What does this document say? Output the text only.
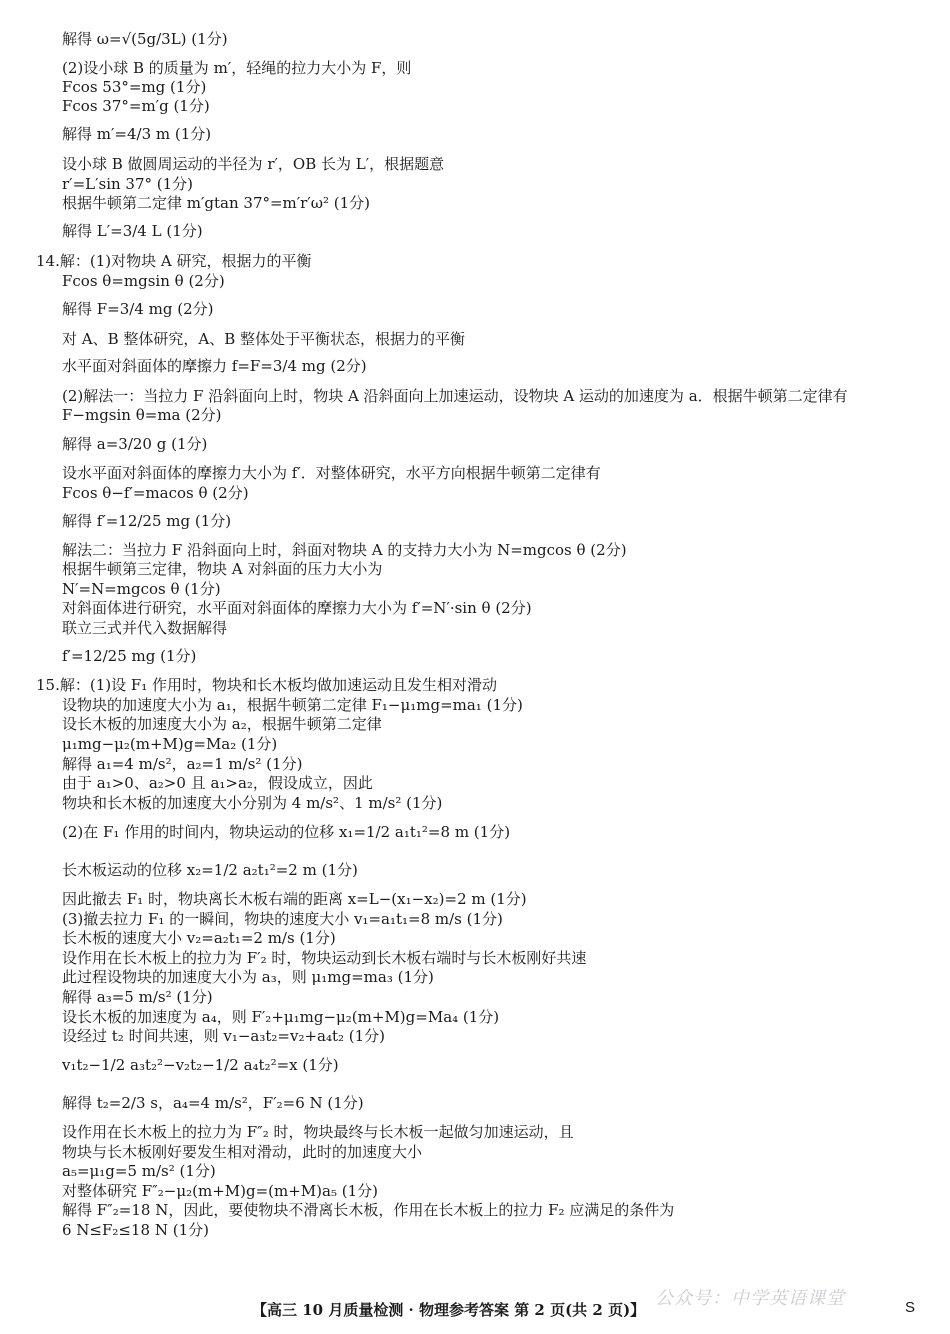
解得 ω=√(5g/3L) (1分)
(2)设小球 B 的质量为 m′，轻绳的拉力大小为 F，则
Fcos 53°=mg (1分)
Fcos 37°=m′g (1分)
解得 m′=4/3 m (1分)
设小球 B 做圆周运动的半径为 r′，OB 长为 L′，根据题意
r′=L′sin 37° (1分)
根据牛顿第二定律 m′gtan 37°=m′r′ω² (1分)
解得 L′=3/4 L (1分)
14.解：(1)对物块 A 研究，根据力的平衡
Fcos θ=mgsin θ (2分)
解得 F=3/4 mg (2分)
对 A、B 整体研究，A、B 整体处于平衡状态，根据力的平衡
水平面对斜面体的摩擦力 f=F=3/4 mg (2分)
(2)解法一：当拉力 F 沿斜面向上时，物块 A 沿斜面向上加速运动，设物块 A 运动的加速度为 a．根据牛顿第二定律有
F−mgsin θ=ma (2分)
解得 a=3/20 g (1分)
设水平面对斜面体的摩擦力大小为 f′．对整体研究，水平方向根据牛顿第二定律有
Fcos θ−f′=macos θ (2分)
解得 f′=12/25 mg (1分)
解法二：当拉力 F 沿斜面向上时，斜面对物块 A 的支持力大小为 N=mgcos θ (2分)
根据牛顿第三定律，物块 A 对斜面的压力大小为
N′=N=mgcos θ (1分)
对斜面体进行研究，水平面对斜面体的摩擦力大小为 f′=N′·sin θ (2分)
联立三式并代入数据解得
f′=12/25 mg (1分)
15.解：(1)设 F₁ 作用时，物块和长木板均做加速运动且发生相对滑动
设物块的加速度大小为 a₁，根据牛顿第二定律 F₁−μ₁mg=ma₁ (1分)
设长木板的加速度大小为 a₂，根据牛顿第二定律
μ₁mg−μ₂(m+M)g=Ma₂ (1分)
解得 a₁=4 m/s²，a₂=1 m/s² (1分)
由于 a₁>0、a₂>0 且 a₁>a₂，假设成立，因此
物块和长木板的加速度大小分别为 4 m/s²、1 m/s² (1分)
(2)在 F₁ 作用的时间内，物块运动的位移 x₁=1/2 a₁t₁²=8 m (1分)
长木板运动的位移 x₂=1/2 a₂t₁²=2 m (1分)
因此撤去 F₁ 时，物块离长木板右端的距离 x=L−(x₁−x₂)=2 m (1分)
(3)撤去拉力 F₁ 的一瞬间，物块的速度大小 v₁=a₁t₁=8 m/s (1分)
长木板的速度大小 v₂=a₂t₁=2 m/s (1分)
设作用在长木板上的拉力为 F′₂ 时，物块运动到长木板右端时与长木板刚好共速
此过程设物块的加速度大小为 a₃，则 μ₁mg=ma₃ (1分)
解得 a₃=5 m/s² (1分)
设长木板的加速度为 a₄，则 F′₂+μ₁mg−μ₂(m+M)g=Ma₄ (1分)
设经过 t₂ 时间共速，则 v₁−a₃t₂=v₂+a₄t₂ (1分)
v₁t₂−1/2 a₃t₂²−v₂t₂−1/2 a₄t₂²=x (1分)
解得 t₂=2/3 s，a₄=4 m/s²，F′₂=6 N (1分)
设作用在长木板上的拉力为 F″₂ 时，物块最终与长木板一起做匀加速运动，且
物块与长木板刚好要发生相对滑动，此时的加速度大小
a₅=μ₁g=5 m/s² (1分)
对整体研究 F″₂−μ₂(m+M)g=(m+M)a₅ (1分)
解得 F″₂=18 N，因此，要使物块不滑离长木板，作用在长木板上的拉力 F₂ 应满足的条件为
6 N≤F₂≤18 N (1分)
公众号：中学英语课堂
【高三 10 月质量检测 · 物理参考答案 第 2 页(共 2 页)】	S
